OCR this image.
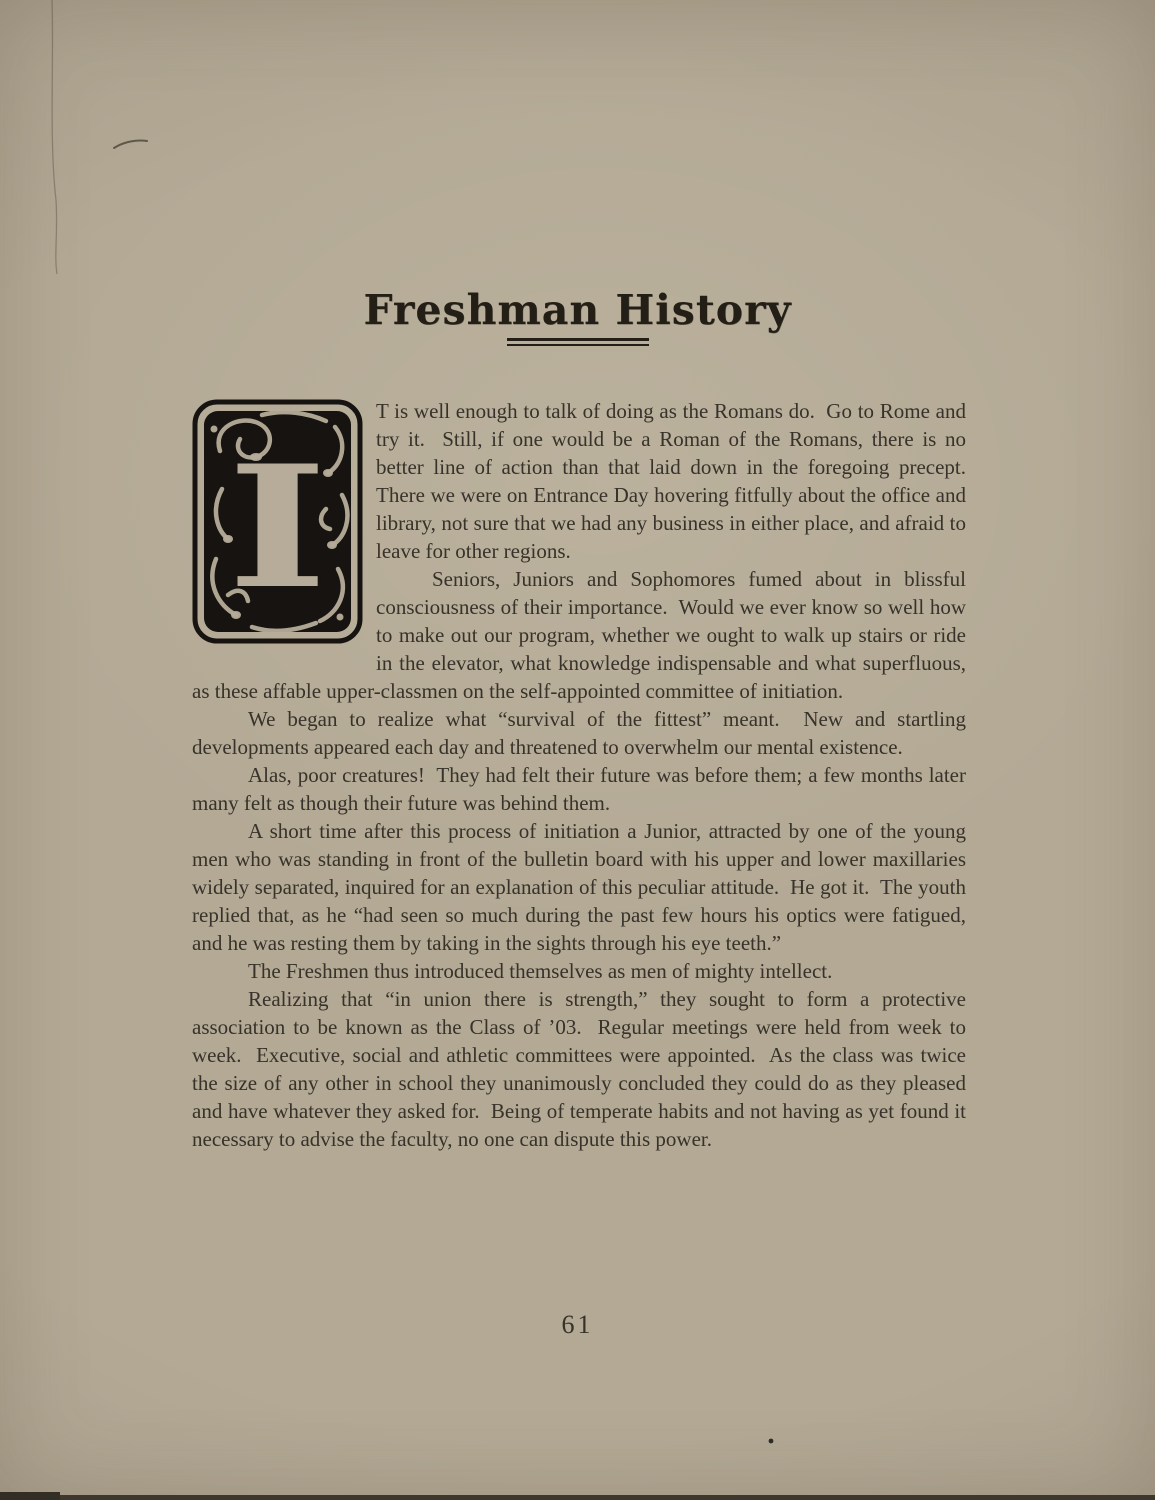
Freshman History
I

T is well enough to talk of doing as the Romans do.  Go to Rome and try it.  Still, if one would be a Roman of the Romans, there is no better line of action than that laid down in the foregoing precept.  There we were on Entrance Day hovering fitfully about the office and library, not sure that we had any business in either place, and afraid to leave for other regions.

Seniors, Juniors and Sophomores fumed about in blissful consciousness of their importance.  Would we ever know so well how to make out our program, whether we ought to walk up stairs or ride in the elevator, what knowledge indispensable and what superfluous, as these affable upper-classmen on the self-appointed committee of initiation.

We began to realize what “survival of the fittest” meant.  New and startling developments appeared each day and threatened to overwhelm our mental existence.

Alas, poor creatures!  They had felt their future was before them; a few months later many felt as though their future was behind them.

A short time after this process of initiation a Junior, attracted by one of the young men who was standing in front of the bulletin board with his upper and lower maxillaries widely separated, inquired for an explanation of this peculiar attitude.  He got it.  The youth replied that, as he “had seen so much during the past few hours his optics were fatigued, and he was resting them by taking in the sights through his eye teeth.”

The Freshmen thus introduced themselves as men of mighty intellect.

Realizing that “in union there is strength,” they sought to form a protective association to be known as the Class of ’03.  Regular meetings were held from week to week.  Executive, social and athletic committees were appointed.  As the class was twice the size of any other in school they unanimously concluded they could do as they pleased and have whatever they asked for.  Being of temperate habits and not having as yet found it necessary to advise the faculty, no one can dispute this power.

61
